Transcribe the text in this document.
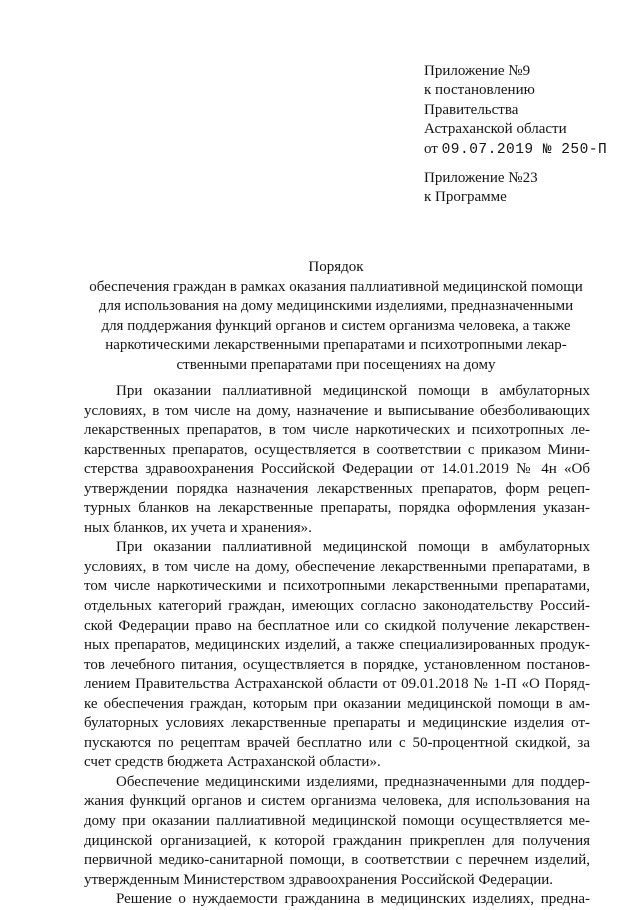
Приложение №9
к постановлению
Правительства
Астраханской области
от 09.07.2019 № 250-П
Приложение №23
к Программе
Порядок
обеспечения граждан в рамках оказания паллиативной медицинской помощи
для использования на дому медицинскими изделиями, предназначенными
для поддержания функций органов и систем организма человека, а также
наркотическими лекарственными препаратами и психотропными лекар-
ственными препаратами при посещениях на дому
При оказании паллиативной медицинской помощи в амбулаторных
условиях, в том числе на дому, назначение и выписывание обезболивающих
лекарственных препаратов, в том числе наркотических и психотропных ле-
карственных препаратов, осуществляется в соответствии с приказом Мини-
стерства здравоохранения Российской Федерации от 14.01.2019 № 4н «Об
утверждении порядка назначения лекарственных препаратов, форм рецеп-
турных бланков на лекарственные препараты, порядка оформления указан-
ных бланков, их учета и хранения».
При оказании паллиативной медицинской помощи в амбулаторных
условиях, в том числе на дому, обеспечение лекарственными препаратами, в
том числе наркотическими и психотропными лекарственными препаратами,
отдельных категорий граждан, имеющих согласно законодательству Россий-
ской Федерации право на бесплатное или со скидкой получение лекарствен-
ных препаратов, медицинских изделий, а также специализированных продук-
тов лечебного питания, осуществляется в порядке, установленном постанов-
лением Правительства Астраханской области от 09.01.2018 № 1-П «О Поряд-
ке обеспечения граждан, которым при оказании медицинской помощи в ам-
булаторных условиях лекарственные препараты и медицинские изделия от-
пускаются по рецептам врачей бесплатно или с 50-процентной скидкой, за
счет средств бюджета Астраханской области».
Обеспечение медицинскими изделиями, предназначенными для поддер-
жания функций органов и систем организма человека, для использования на
дому при оказании паллиативной медицинской помощи осуществляется ме-
дицинской организацией, к которой гражданин прикреплен для получения
первичной медико-санитарной помощи, в соответствии с перечнем изделий,
утвержденным Министерством здравоохранения Российской Федерации.
Решение о нуждаемости гражданина в медицинских изделиях, предна-
